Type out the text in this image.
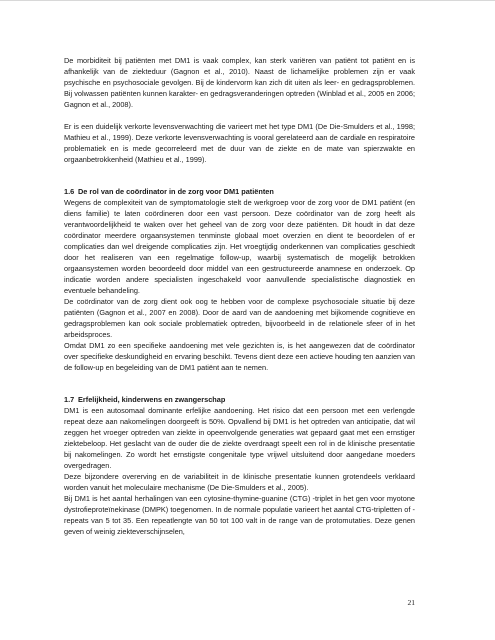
De morbiditeit bij patiënten met DM1 is vaak complex, kan sterk variëren van patiënt tot patiënt en is afhankelijk van de ziekteduur (Gagnon et al., 2010). Naast de lichamelijke problemen zijn er vaak psychische en psychosociale gevolgen. Bij de kindervorm kan zich dit uiten als leer- en gedragsproblemen. Bij volwassen patiënten kunnen karakter- en gedragsveranderingen optreden (Winblad et al., 2005 en 2006; Gagnon et al., 2008).

Er is een duidelijk verkorte levensverwachting die varieert met het type DM1 (De Die-Smulders et al., 1998; Mathieu et al., 1999). Deze verkorte levensverwachting is vooral gerelateerd aan de cardiale en respiratoire problematiek en is mede gecorreleerd met de duur van de ziekte en de mate van spierzwakte en orgaanbetrokkenheid (Mathieu et al., 1999).

1.6 De rol van de coördinator in de zorg voor DM1 patiënten

Wegens de complexiteit van de symptomatologie stelt de werkgroep voor de zorg voor de DM1 patiënt (en diens familie) te laten coördineren door een vast persoon. Deze coördinator van de zorg heeft als verantwoordelijkheid te waken over het geheel van de zorg voor deze patiënten. Dit houdt in dat deze coördinator meerdere orgaansystemen tenminste globaal moet overzien en dient te beoordelen of er complicaties dan wel dreigende complicaties zijn. Het vroegtijdig onderkennen van complicaties geschiedt door het realiseren van een regelmatige follow-up, waarbij systematisch de mogelijk betrokken orgaansystemen worden beoordeeld door middel van een gestructureerde anamnese en onderzoek. Op indicatie worden andere specialisten ingeschakeld voor aanvullende specialistische diagnostiek en eventuele behandeling.

De coördinator van de zorg dient ook oog te hebben voor de complexe psychosociale situatie bij deze patiënten (Gagnon et al., 2007 en 2008). Door de aard van de aandoening met bijkomende cognitieve en gedragsproblemen kan ook sociale problematiek optreden, bijvoorbeeld in de relationele sfeer of in het arbeidsproces.

Omdat DM1 zo een specifieke aandoening met vele gezichten is, is het aangewezen dat de coördinator over specifieke deskundigheid en ervaring beschikt. Tevens dient deze een actieve houding ten aanzien van de follow-up en begeleiding van de DM1 patiënt aan te nemen.

1.7 Erfelijkheid, kinderwens en zwangerschap

DM1 is een autosomaal dominante erfelijke aandoening. Het risico dat een persoon met een verlengde repeat deze aan nakomelingen doorgeeft is 50%. Opvallend bij DM1 is het optreden van anticipatie, dat wil zeggen het vroeger optreden van ziekte in opeenvolgende generaties wat gepaard gaat met een ernstiger ziektebeloop. Het geslacht van de ouder die de ziekte overdraagt speelt een rol in de klinische presentatie bij nakomelingen. Zo wordt het ernstigste congenitale type vrijwel uitsluitend door aangedane moeders overgedragen.

Deze bijzondere overerving en de variabiliteit in de klinische presentatie kunnen grotendeels verklaard worden vanuit het moleculaire mechanisme (De Die-Smulders et al., 2005).

Bij DM1 is het aantal herhalingen van een cytosine-thymine-guanine (CTG) -triplet in het gen voor myotone dystrofieproteïnekinase (DMPK) toegenomen. In de normale populatie varieert het aantal CTG-tripletten of -repeats van 5 tot 35. Een repeatlengte van 50 tot 100 valt in de range van de protomutaties. Deze genen geven of weinig ziekteverschijnselen,

21
